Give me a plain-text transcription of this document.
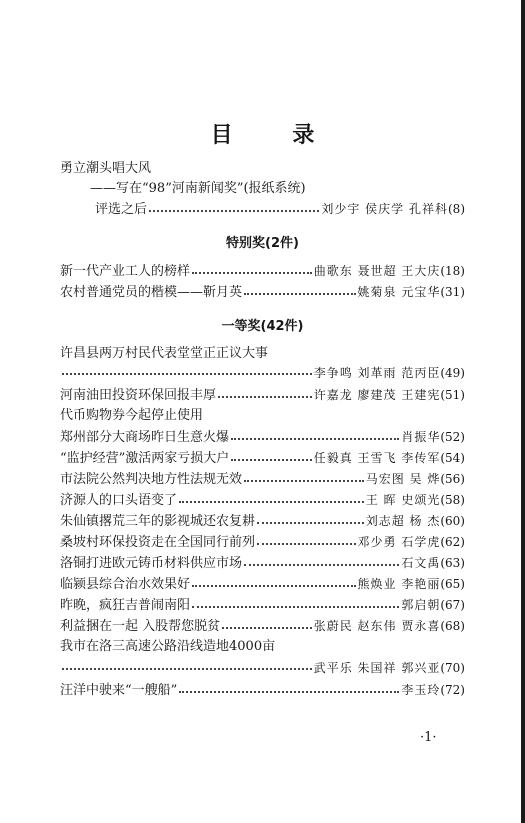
目 录
勇立潮头唱大风
——写在“98”河南新闻奖”(报纸系统)
评选之后	刘少宇 侯庆学 孔祥科 (8)
特别奖(2件)
新一代产业工人的榜样	曲歌东 聂世超 王大庆 (18)
农村普通党员的楷模——靳月英	姚菊泉 元宝华 (31)
一等奖(42件)
许昌县两万村民代表堂堂正正议大事
李争鸣 刘革雨 范丙臣 (49)
河南油田投资环保回报丰厚	许嘉龙 廖建茂 王建宪 (51)
代币购物券今起停止使用
郑州部分大商场昨日生意火爆	肖振华 (52)
“监护经营”激活两家亏损大户	任毅真 王雪飞 李传军 (54)
市法院公然判决地方性法规无效	马宏图 吴 烨 (56)
济源人的口头语变了	王 晖 史颂光 (58)
朱仙镇撂荒三年的影视城还农复耕	刘志超 杨 杰 (60)
桑坡村环保投资走在全国同行前列	邓少勇 石学虎 (62)
洛铜打进欧元铸币材料供应市场	石文禹 (63)
临颍县综合治水效果好	熊焕业 李艳丽 (65)
昨晚，疯狂吉普闹南阳	郭启朝 (67)
利益捆在一起 入股帮您脱贫	张蔚民 赵东伟 贾永喜 (68)
我市在洛三高速公路沿线造地4000亩
武平乐 朱国祥 郭兴亚 (70)
汪洋中驶来“一艘船”	李玉玲 (72)
·1·
